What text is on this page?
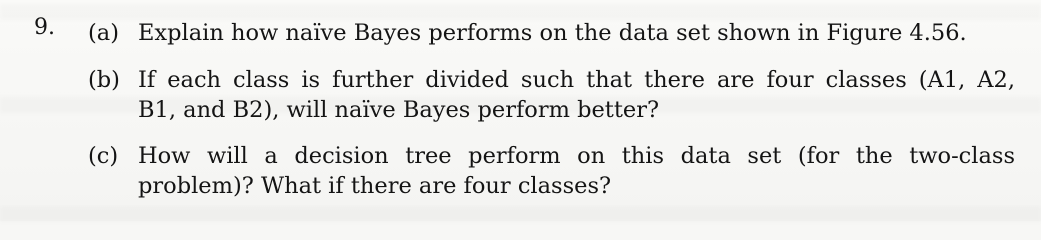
9. (a) Explain how naïve Bayes performs on the data set shown in Figure 4.56.
(b) If each class is further divided such that there are four classes (A1, A2,
B1, and B2), will naïve Bayes perform better?
(c) How will a decision tree perform on this data set (for the two-class
problem)? What if there are four classes?
